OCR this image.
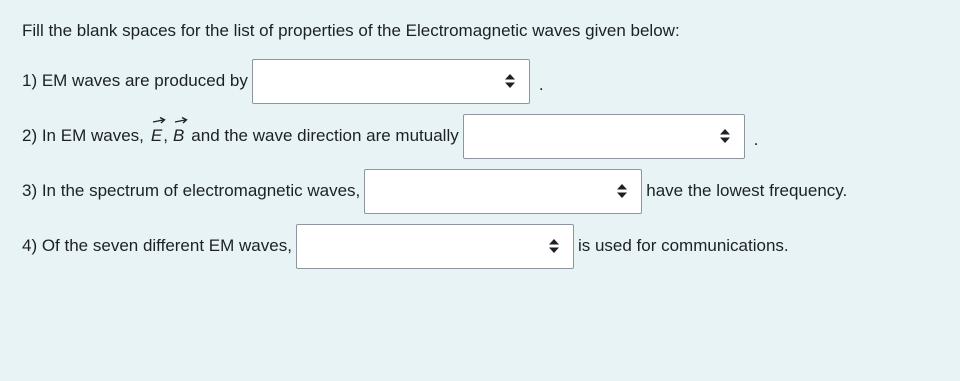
Fill the blank spaces for the list of properties of the Electromagnetic waves given below:
1) EM waves are produced by	.
2) In EM waves, E , B and the wave direction are mutually	.
3) In the spectrum of electromagnetic waves,	have the lowest frequency.
4) Of the seven different EM waves,	is used for communications.
